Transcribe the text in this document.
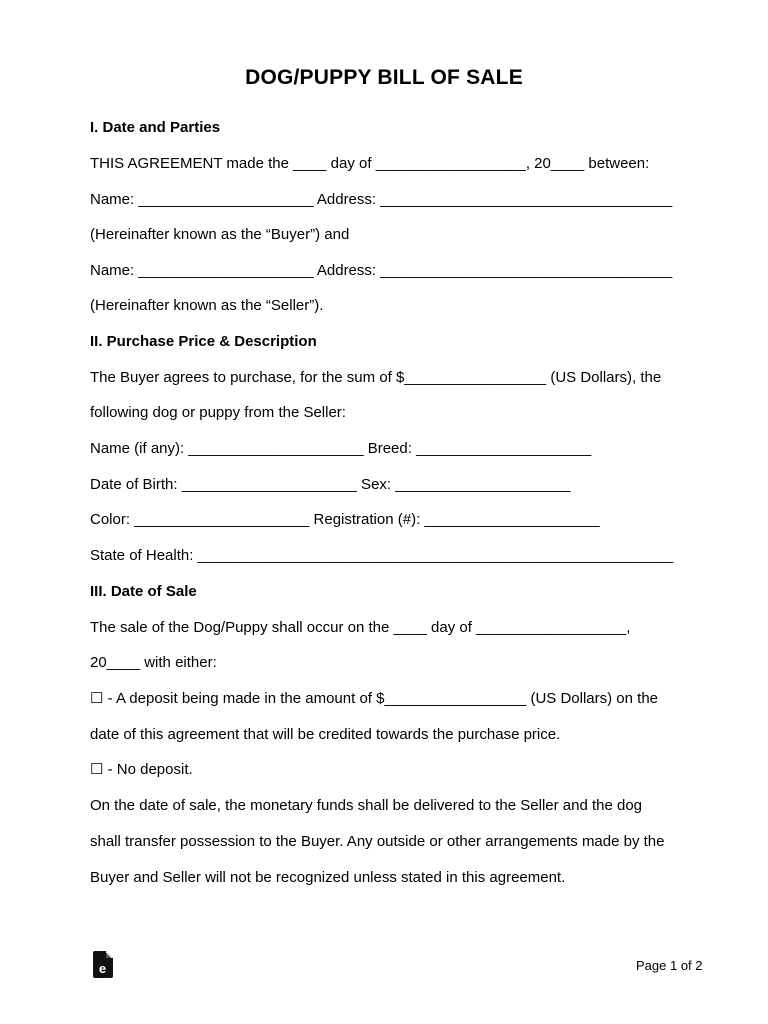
DOG/PUPPY BILL OF SALE
I. Date and Parties
THIS AGREEMENT made the ____ day of __________________, 20____ between:
Name: _____________________ Address: ___________________________________
(Hereinafter known as the “Buyer”) and
Name: _____________________ Address: ___________________________________
(Hereinafter known as the “Seller”).
II. Purchase Price & Description
The Buyer agrees to purchase, for the sum of $_________________ (US Dollars), the
following dog or puppy from the Seller:
Name (if any): _____________________ Breed: _____________________
Date of Birth: _____________________ Sex: _____________________
Color: _____________________ Registration (#): _____________________
State of Health: _________________________________________________________
III. Date of Sale
The sale of the Dog/Puppy shall occur on the ____ day of __________________,
20____ with either:
☐ - A deposit being made in the amount of $_________________ (US Dollars) on the
date of this agreement that will be credited towards the purchase price.
☐ - No deposit.
On the date of sale, the monetary funds shall be delivered to the Seller and the dog
shall transfer possession to the Buyer. Any outside or other arrangements made by the
Buyer and Seller will not be recognized unless stated in this agreement.
e	Page 1 of 2
